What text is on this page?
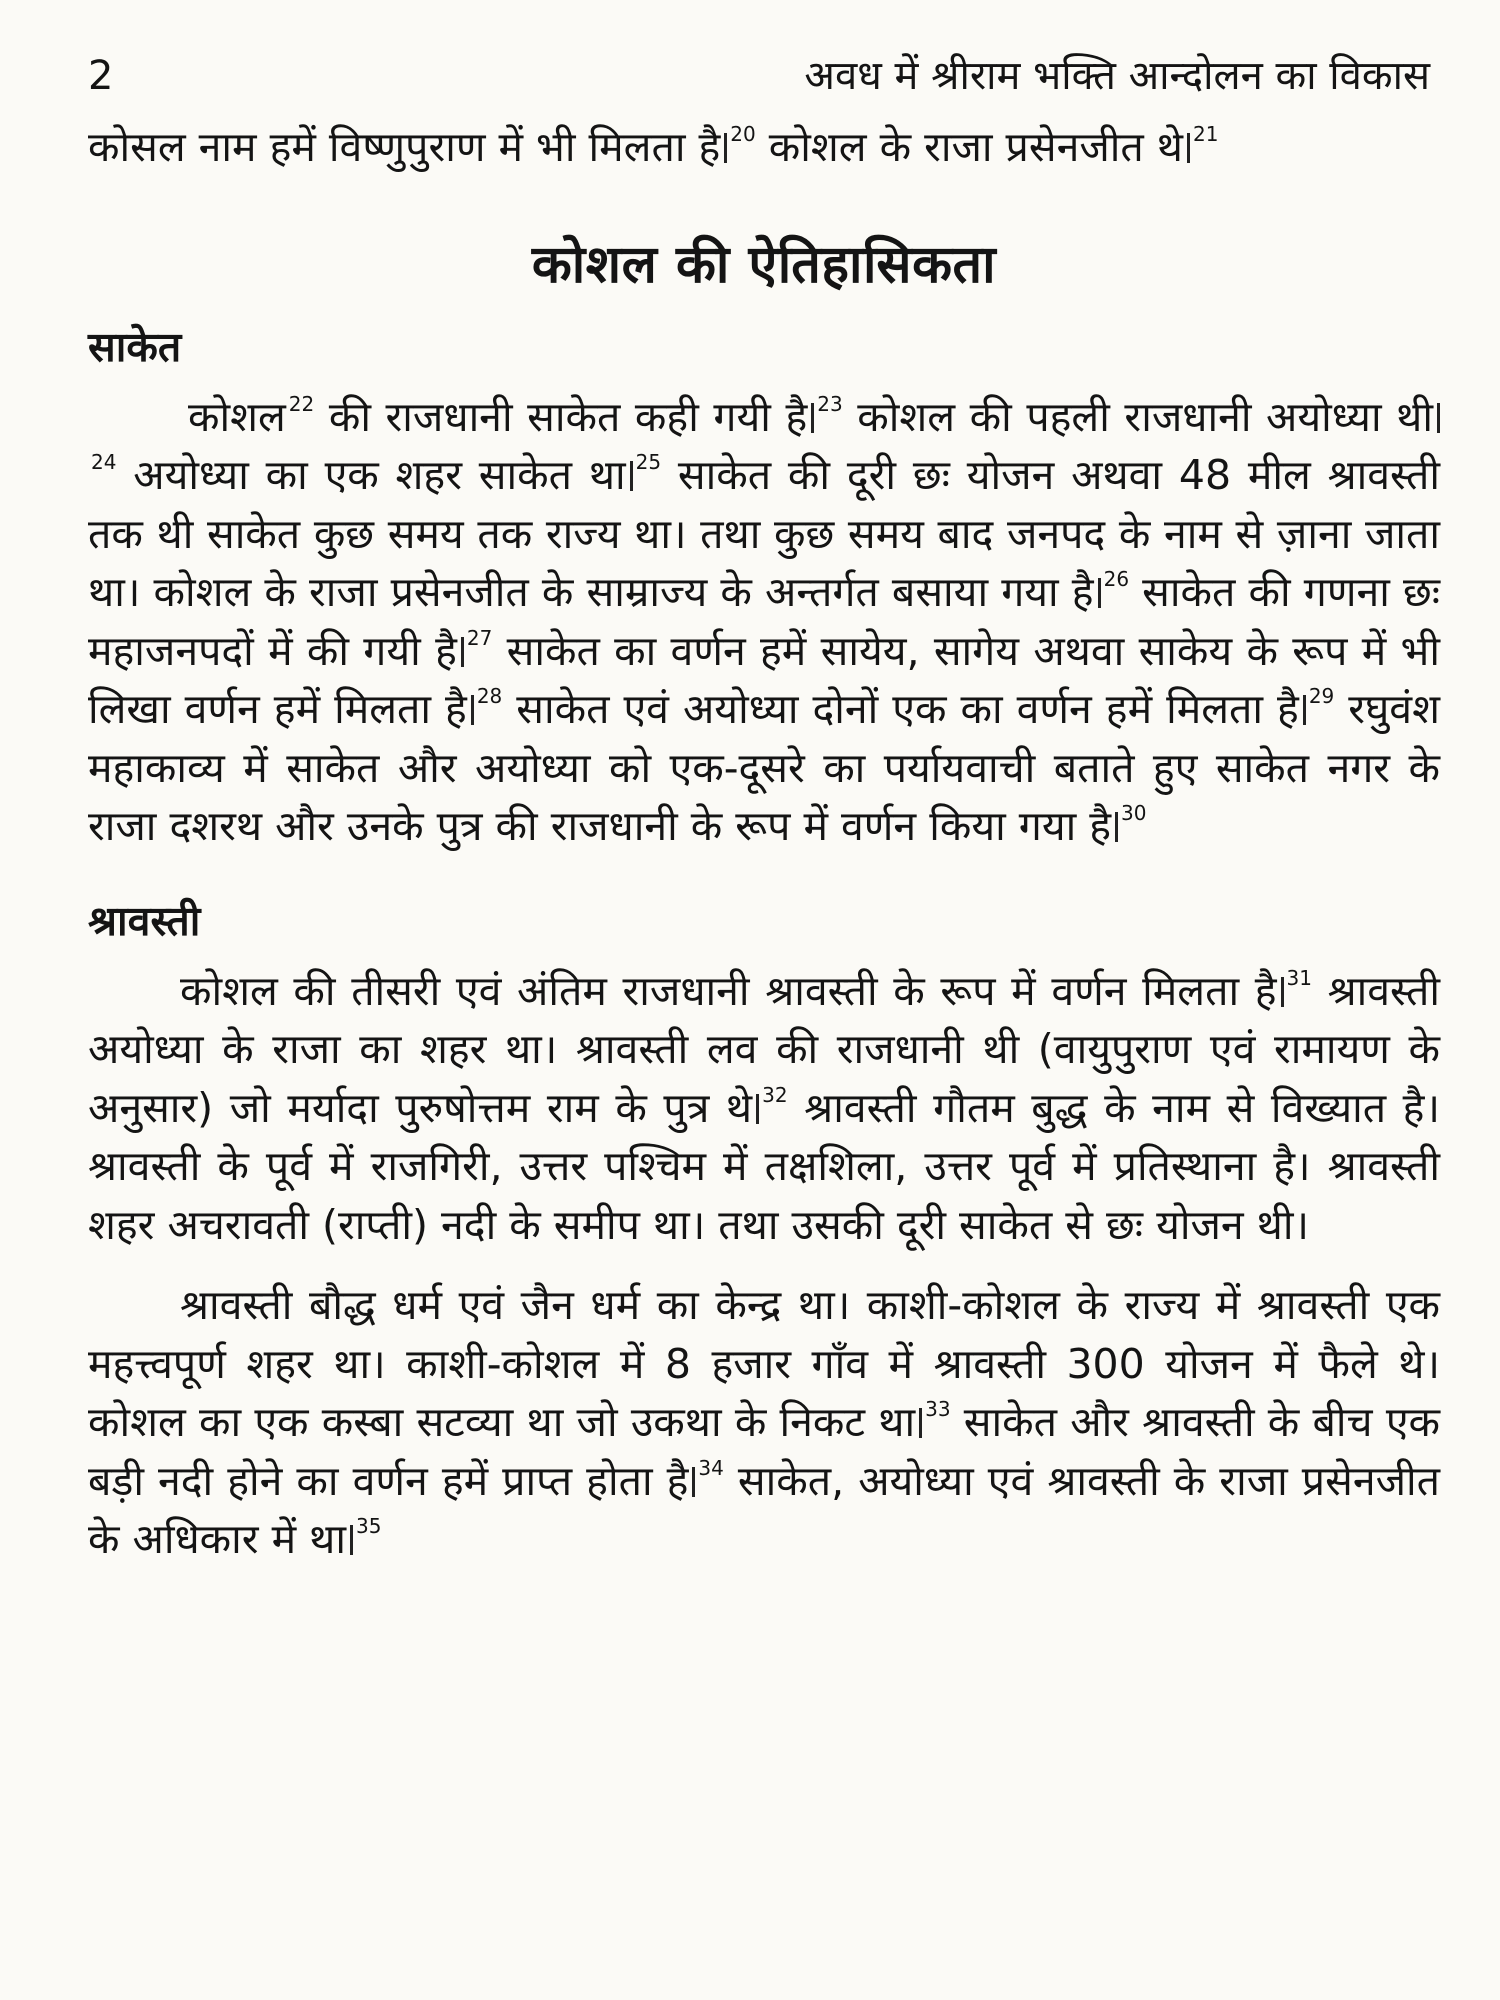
2	अवध में श्रीराम भक्ति आन्दोलन का विकास

कोसल नाम हमें विष्णुपुराण में भी मिलता है $^{20}$ कोशल के राजा प्रसेनजीत थे $^{21}$

कोशल की ऐतिहासिकता
साकेत

कोशल $^{22}$ की राजधानी साकेत कही गयी है $^{23}$ कोशल की पहली राजधानी अयोध्या थी$^{24}$ अयोध्या का एक शहर साकेत था $^{25}$ साकेत की दूरी छः योजन अथवा 48 मील श्रावस्ती तक थी साकेत कुछ समय तक राज्य था। तथा कुछ समय बाद जनपद के नाम से ज़ाना जाता था। कोशल के राजा प्रसेनजीत के साम्राज्य के अन्तर्गत बसाया गया है $^{26}$ साकेत की गणना छः महाजनपदों में की गयी है $^{27}$ साकेत का वर्णन हमें सायेय, सागेय अथवा साकेय के रूप में भी लिखा वर्णन हमें मिलता है $^{28}$ साकेत एवं अयोध्या दोनों एक का वर्णन हमें मिलता है $^{29}$ रघुवंश महाकाव्य में साकेत और अयोध्या को एक-दूसरे का पर्यायवाची बताते हुए साकेत नगर के राजा दशरथ और उनके पुत्र की राजधानी के रूप में वर्णन किया गया है $^{30}$

श्रावस्ती

कोशल की तीसरी एवं अंतिम राजधानी श्रावस्ती के रूप में वर्णन मिलता है $^{31}$ श्रावस्ती अयोध्या के राजा का शहर था। श्रावस्ती लव की राजधानी थी (वायुपुराण एवं रामायण के अनुसार) जो मर्यादा पुरुषोत्तम राम के पुत्र थे $^{32}$ श्रावस्ती गौतम बुद्ध के नाम से विख्यात है। श्रावस्ती के पूर्व में राजगिरी, उत्तर पश्चिम में तक्षशिला, उत्तर पूर्व में प्रतिस्थाना है। श्रावस्ती शहर अचरावती (राप्ती) नदी के समीप था। तथा उसकी दूरी साकेत से छः योजन थी।

श्रावस्ती बौद्ध धर्म एवं जैन धर्म का केन्द्र था। काशी-कोशल के राज्य में श्रावस्ती एक महत्त्वपूर्ण शहर था। काशी-कोशल में 8 हजार गाँव में श्रावस्ती 300 योजन में फैले थे। कोशल का एक कस्बा सटव्या था जो उकथा के निकट था $^{33}$ साकेत और श्रावस्ती के बीच एक बड़ी नदी होने का वर्णन हमें प्राप्त होता है $^{34}$ साकेत, अयोध्या एवं श्रावस्ती के राजा प्रसेनजीत के अधिकार में था $^{35}$
